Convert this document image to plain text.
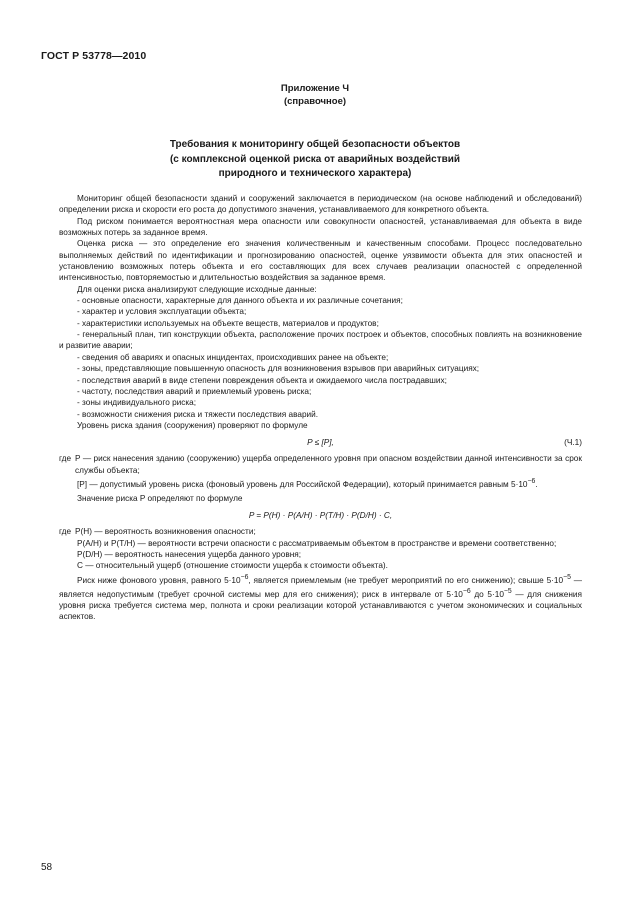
ГОСТ Р 53778—2010
Приложение Ч
(справочное)
Требования к мониторингу общей безопасности объектов
(с комплексной оценкой риска от аварийных воздействий
природного и технического характера)

Мониторинг общей безопасности зданий и сооружений заключается в периодическом (на основе наблюдений и обследований) определении риска и скорости его роста до допустимого значения, устанавливаемого для конкретного объекта.

Под риском понимается вероятностная мера опасности или совокупности опасностей, устанавливаемая для объекта в виде возможных потерь за заданное время.

Оценка риска — это определение его значения количественным и качественным способами. Процесс последовательно выполняемых действий по идентификации и прогнозированию опасностей, оценке уязвимости объекта для этих опасностей и установлению возможных потерь объекта и его составляющих для всех случаев реализации опасностей с определенной интенсивностью, повторяемостью и длительностью воздействия за заданное время.

Для оценки риска анализируют следующие исходные данные:

- основные опасности, характерные для данного объекта и их различные сочетания;

- характер и условия эксплуатации объекта;

- характеристики используемых на объекте веществ, материалов и продуктов;

- генеральный план, тип конструкции объекта, расположение прочих построек и объектов, способных повлиять на возникновение и развитие аварии;

- сведения об авариях и опасных инцидентах, происходивших ранее на объекте;

- зоны, представляющие повышенную опасность для возникновения взрывов при аварийных ситуациях;

- последствия аварий в виде степени повреждения объекта и ожидаемого числа пострадавших;

- частоту, последствия аварий и приемлемый уровень риска;

- зоны индивидуального риска;

- возможности снижения риска и тяжести последствия аварий.

Уровень риска здания (сооружения) проверяют по формуле

P ≤ [P],	(Ч.1)
где P — риск нанесения зданию (сооружению) ущерба определенного уровня при опасном воздействии данной интенсивности за срок службы объекта;

[P] — допустимый уровень риска (фоновый уровень для Российской Федерации), который принимается равным $5\cdot 10^{-6}$.

Значение риска P определяют по формуле

P = P(H) · P(A/H) · P(T/H) · P(D/H) · C,
где P(H) — вероятность возникновения опасности;

P(A/H) и P(T/H) — вероятности встречи опасности с рассматриваемым объектом в пространстве и времени соответственно;

P(D/H) — вероятность нанесения ущерба данного уровня;

C — относительный ущерб (отношение стоимости ущерба к стоимости объекта).

Риск ниже фонового уровня, равного $5\cdot 10^{-6}$, является приемлемым (не требует мероприятий по его снижению); свыше $5\cdot 10^{-5}$ — является недопустимым (требует срочной системы мер для его снижения); риск в интервале от $5\cdot 10^{-6}$ до $5\cdot 10^{-5}$ — для снижения уровня риска требуется система мер, полнота и сроки реализации которой устанавливаются с учетом экономических и социальных аспектов.

58
